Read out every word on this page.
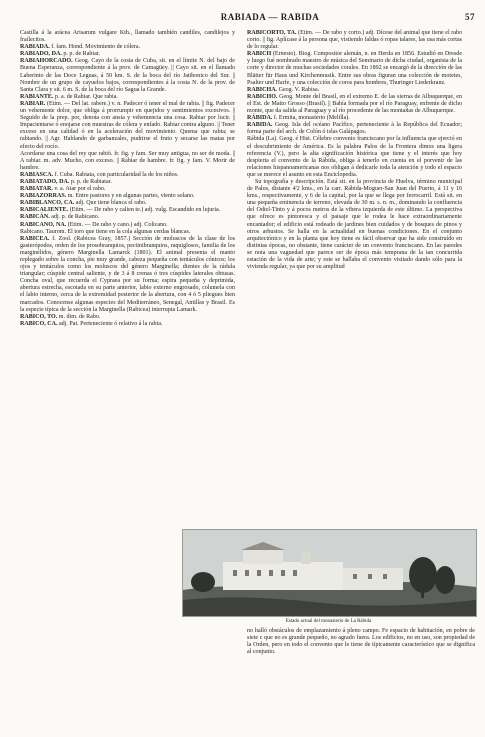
RABIADA — RABIDA	57

Castilla á la arácea Arisarum vulgare Kth., llamado también candiles, candilejos y frailecitos.

RABIADA. f. fam. Hond. Movimiento de cólera.

RABIADO, DA. p. p. de Rabiar.

RABIAHORCADO. Geog. Cayo de la costa de Cuba, sit. en el límite N. del bajo de Buena Esperanza, correspondiente á la prov. de Camagüey. || Cayo sit. en el llamado Laberinto de las Doce Leguas, á 50 km. S. de la boca del río Jatibonico del Sur. || Nombre de un grupo de cayuelos bajos, correspondientes á la costa N. de la prov. de Santa Clara y sit. 6 m. S. de la boca del río Sagua la Grande.

RABIANTE. p. a. de Rabiar. Que rabia.

RABIAR. (Etim. — Del lat. rabere.) v. n. Padecer ó tener el mal de rabia. || fig. Padecer un vehemente dolor, que obliga á prorrumpir en quejidos y sentimientos excesivos. || Seguido de la prep. por, denota con ansia y vehemencia una cosa. Rabiar por lucir. || Impacientarse ó enojarse con muestras de cólera y enfado. Rabiar contra alguno. || Tener exceso en una calidad ó en la aceleración del movimiento. Quema que rabia; se rabiando. || Agr. Hablando de garbanzales, pudrirse el fruto y secarse las matas por efecto del rocío.

Acordarse una cosa del rey que rabió. fr. fig. y fam. Ser muy antigua, no ser de moda. || A rabiar. m. adv. Mucho, con exceso. || Rabiar de hambre. fr. fig. y fam. V. Morir de hambre.

RABIASCA. f. Cuba. Rabiata, con particularidad la de los niños.

RABIATADO, DA. p. p. de Rabiatar.

RABIATAR. v. a. Atar por el rabo.

RABIAZORRAS. m. Entre pastores y en algunas partes, viento solano.

RABIBLANCO, CA. adj. Que tiene blanca el rabo.

RABICALIENTE. (Etim. — De rabo y calien te.) adj. vulg. Escandido en lujuria.

RABICÁN. adj. p. de Rabicano.

RABICANO, NA. (Etim. — De rabo y cano.) adj. Colicano.

Rabicano. Taurom. El toro que tiene en la cola algunas cerdas blancas.

RABICEA. f. Zool. (Rabicea Gray, 1857.) Sección de moluscos de la clase de los gasterópodos, orden de los prosobranquios, pectinibranquios, raquiglosos, familia de los marginélidos, género Marginella Lamarck (1801). El animal presenta el manto replegado sobre la concha, pie muy grande, cabeza pequeña con tentáculos cónicos; los ojos y tentáculos como los moluscos del género Marginella; dientes de la rádula triangular; cúspide central saliente, y de 3 á 8 crenas ó tres cúspides laterales obtusas. Concha oval, que recuerda el Cypraea por su forma; espira pequeña y deprimida, abertura estrecha, escotada en su parte anterior, labio externo engrosado, columela con el labio interno, cerca de la extremidad posterior de la abertura, con 4 ó 5 pliegues bien marcados. Conocense algunas especies del Mediterráneo, Senegal, Antillas y Brasil. Es la especie típica de la sección la Marginella (Rabicea) interrupta Lamark.

RABICO, TO. m. dim. de Rabo.

RABICO, CA. adj. Pat. Perteneciente ó relativo á la rabia.

RABICORTO, TA. (Etim. — De rabo y corto.) adj. Dícese del animal que tiene el rabo corto. || fig. Aplícase á la persona que, vistiendo faldas ó ropas talares, las usa más cortas de lo regular.

RABICH (Ernesto). Biog. Compositor alemán, n. en Herda en 1856. Estudió en Dresde y luego fué nombrado maestro de música del Seminario de dicha ciudad, organista de la corte y director de muchas sociedades corales. En 1892 se encargó de la dirección de las Blätter für Haus und Kirchenmusik. Entre sus obras figuran una colección de motetes, Psalter und Harfe, y una colección de coros para hombres, Thuringer Liederkranz.

RABICHA. Geog. V. Rabisa.

RABICHO. Geog. Monte del Brasil, en el extremo E. de las sierras de Albuquerque, en el Est. de Matto Grosso (Brasil). || Bahía formada por el río Paraguay, enfrente de dicho monte, que da salida al Paraguay y al río procedente de las montañas de Albuquerque.

RÁBIDA. f. Ermita, monasterio (Melilla).

RABIDA. Geog. Isla del océano Pacífico, perteneciente á la República del Ecuador; forma parte del arch. de Colón ó islas Galápagos.

Rábida (La). Geog. é Hist. Célebre convento franciscano por la influencia que ejerció en el descubrimiento de América. Es la palabra Palos de la Frontera dimos una ligera referencia (V.), pero la alta significación histórica que tiene y el interés que hoy despierta el convento de la Rábida, obliga á tenerlo en cuenta en el porvenir de las relaciones hispanoamericanas nos obligan á dedicarle toda la atención y todo el espacio que se merece el asunto en esta Enciclopedia.

Su topografía y descripción. Está sit. en la provincia de Huelva, término municipal de Palos, distante 4'2 kms., en la carr. Rábida-Moguer-San Juan del Puerto, á 11 y 16 kms., respectivamente, y 6 de la capital, por la que se llega por ferrocarril. Está sit. en una pequeña eminencia de terreno, elevada de 30 m. s. n. m., dominando la confluencia del Odiel-Tinto y á pocos metros de la vibera izquierda de este último. La perspectiva que ofrece es pintoresca y el paisaje que le rodea le hace extraordinariamente encantador; el edificio está rodeado de jardines bien cuidados y de bosques de pinos y otros arbustos. Se halla en la actualidad en buenas condiciones. En el conjunto arquitectónico y en la planta que hoy tiene es fácil observar que ha sido construído en distintas épocas, no obstante, tiene carácter de un convento franciscano. En las paredes se nota una vaguedad que parece ser de época más temprana de la tan concurrida estación de la vida de arte; y este se hallaba el convento visitado dando sólo para la vivienda regular, ya que por su amplitud

Estado actual del monasterio de La Rábida

no halló obstáculos de emplazamiento á pleno campo. Fe espacio de habitación, en pobre de siete c que no es grande pequeño, no agrado fuera. Los edificios, no en uso, son propiedad de la Orden, pero en todo el convento que le tiene de típicamente característico que se dignifica al conjunto.
